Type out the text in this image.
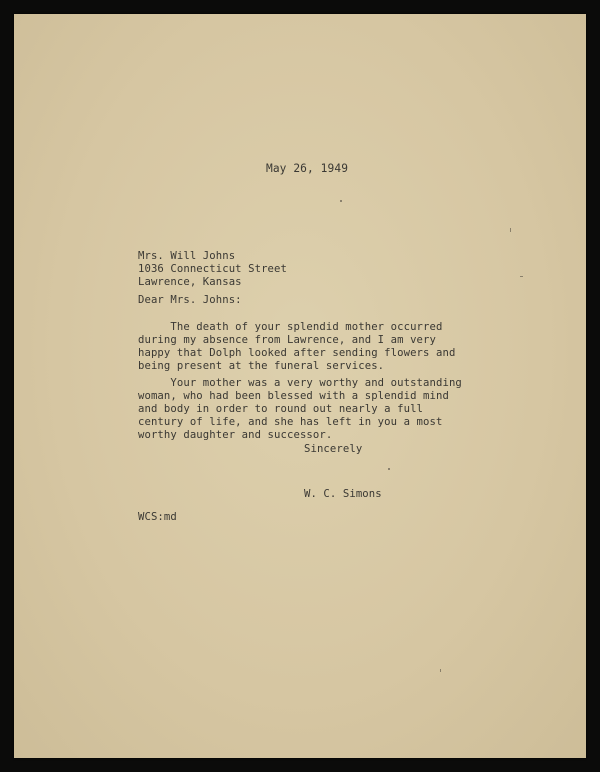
May 26, 1949
Mrs. Will Johns
1036 Connecticut Street
Lawrence, Kansas
Dear Mrs. Johns:
The death of your splendid mother occurred
during my absence from Lawrence, and I am very
happy that Dolph looked after sending flowers and
being present at the funeral services.
Your mother was a very worthy and outstanding
woman, who had been blessed with a splendid mind
and body in order to round out nearly a full
century of life, and she has left in you a most
worthy daughter and successor.
Sincerely
W. C. Simons
WCS:md
